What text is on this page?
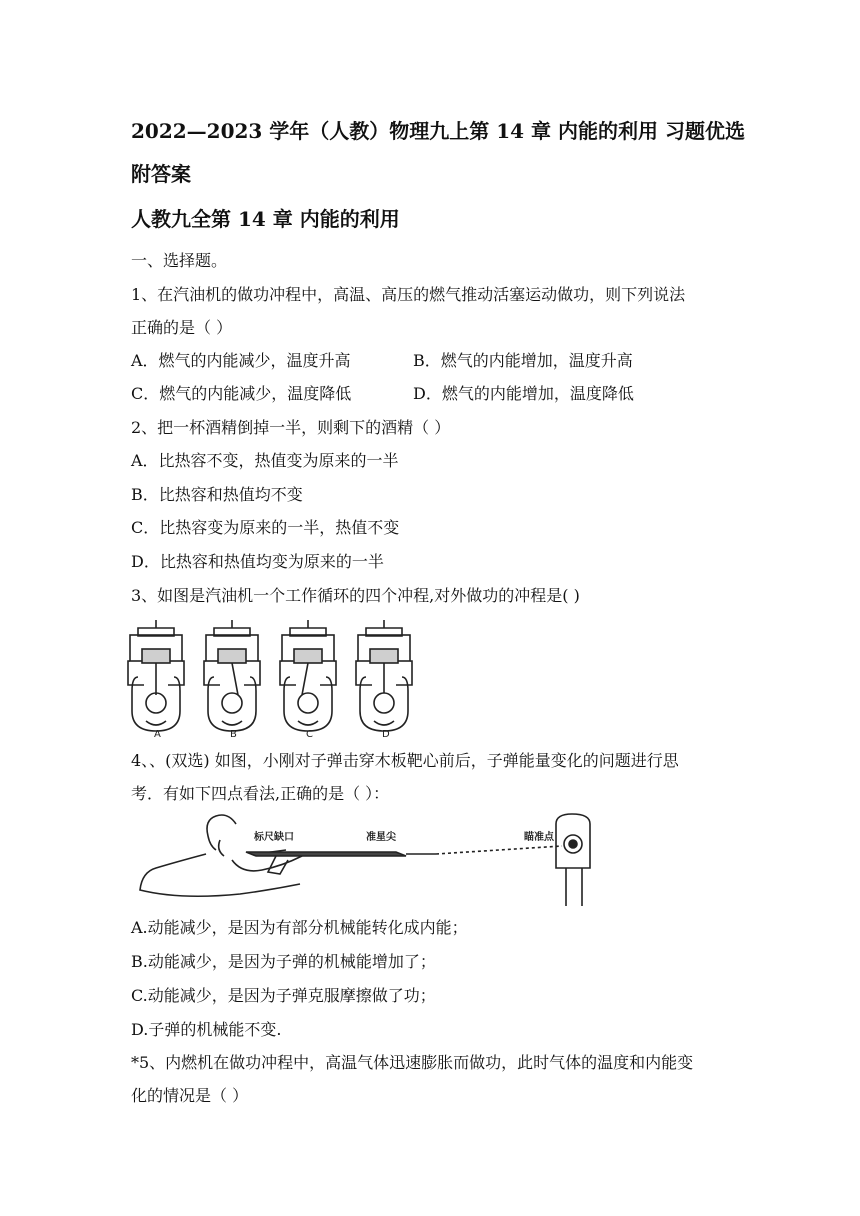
2022—2023 学年（人教）物理九上第 14 章 内能的利用 习题优选
附答案
人教九全第 14 章 内能的利用
一、选择题。
1、在汽油机的做功冲程中，高温、高压的燃气推动活塞运动做功，则下列说法
正确的是（ ）
A．燃气的内能减少，温度升高	B．燃气的内能增加，温度升高
C．燃气的内能减少，温度降低	D．燃气的内能增加，温度降低
2、把一杯酒精倒掉一半，则剩下的酒精（ ）
A．比热容不变，热值变为原来的一半
B．比热容和热值均不变
C．比热容变为原来的一半，热值不变
D．比热容和热值均变为原来的一半
3、如图是汽油机一个工作循环的四个冲程,对外做功的冲程是( )
A	B	C	D
4、、(双选) 如图，小刚对子弹击穿木板靶心前后，子弹能量变化的问题进行思
考．有如下四点看法,正确的是（ ）：
标尺缺口	准星尖	瞄准点
A.动能减少，是因为有部分机械能转化成内能；
B.动能减少，是因为子弹的机械能增加了；
C.动能减少，是因为子弹克服摩擦做了功；
D.子弹的机械能不变.
*5、内燃机在做功冲程中，高温气体迅速膨胀而做功，此时气体的温度和内能变
化的情况是（ ）
